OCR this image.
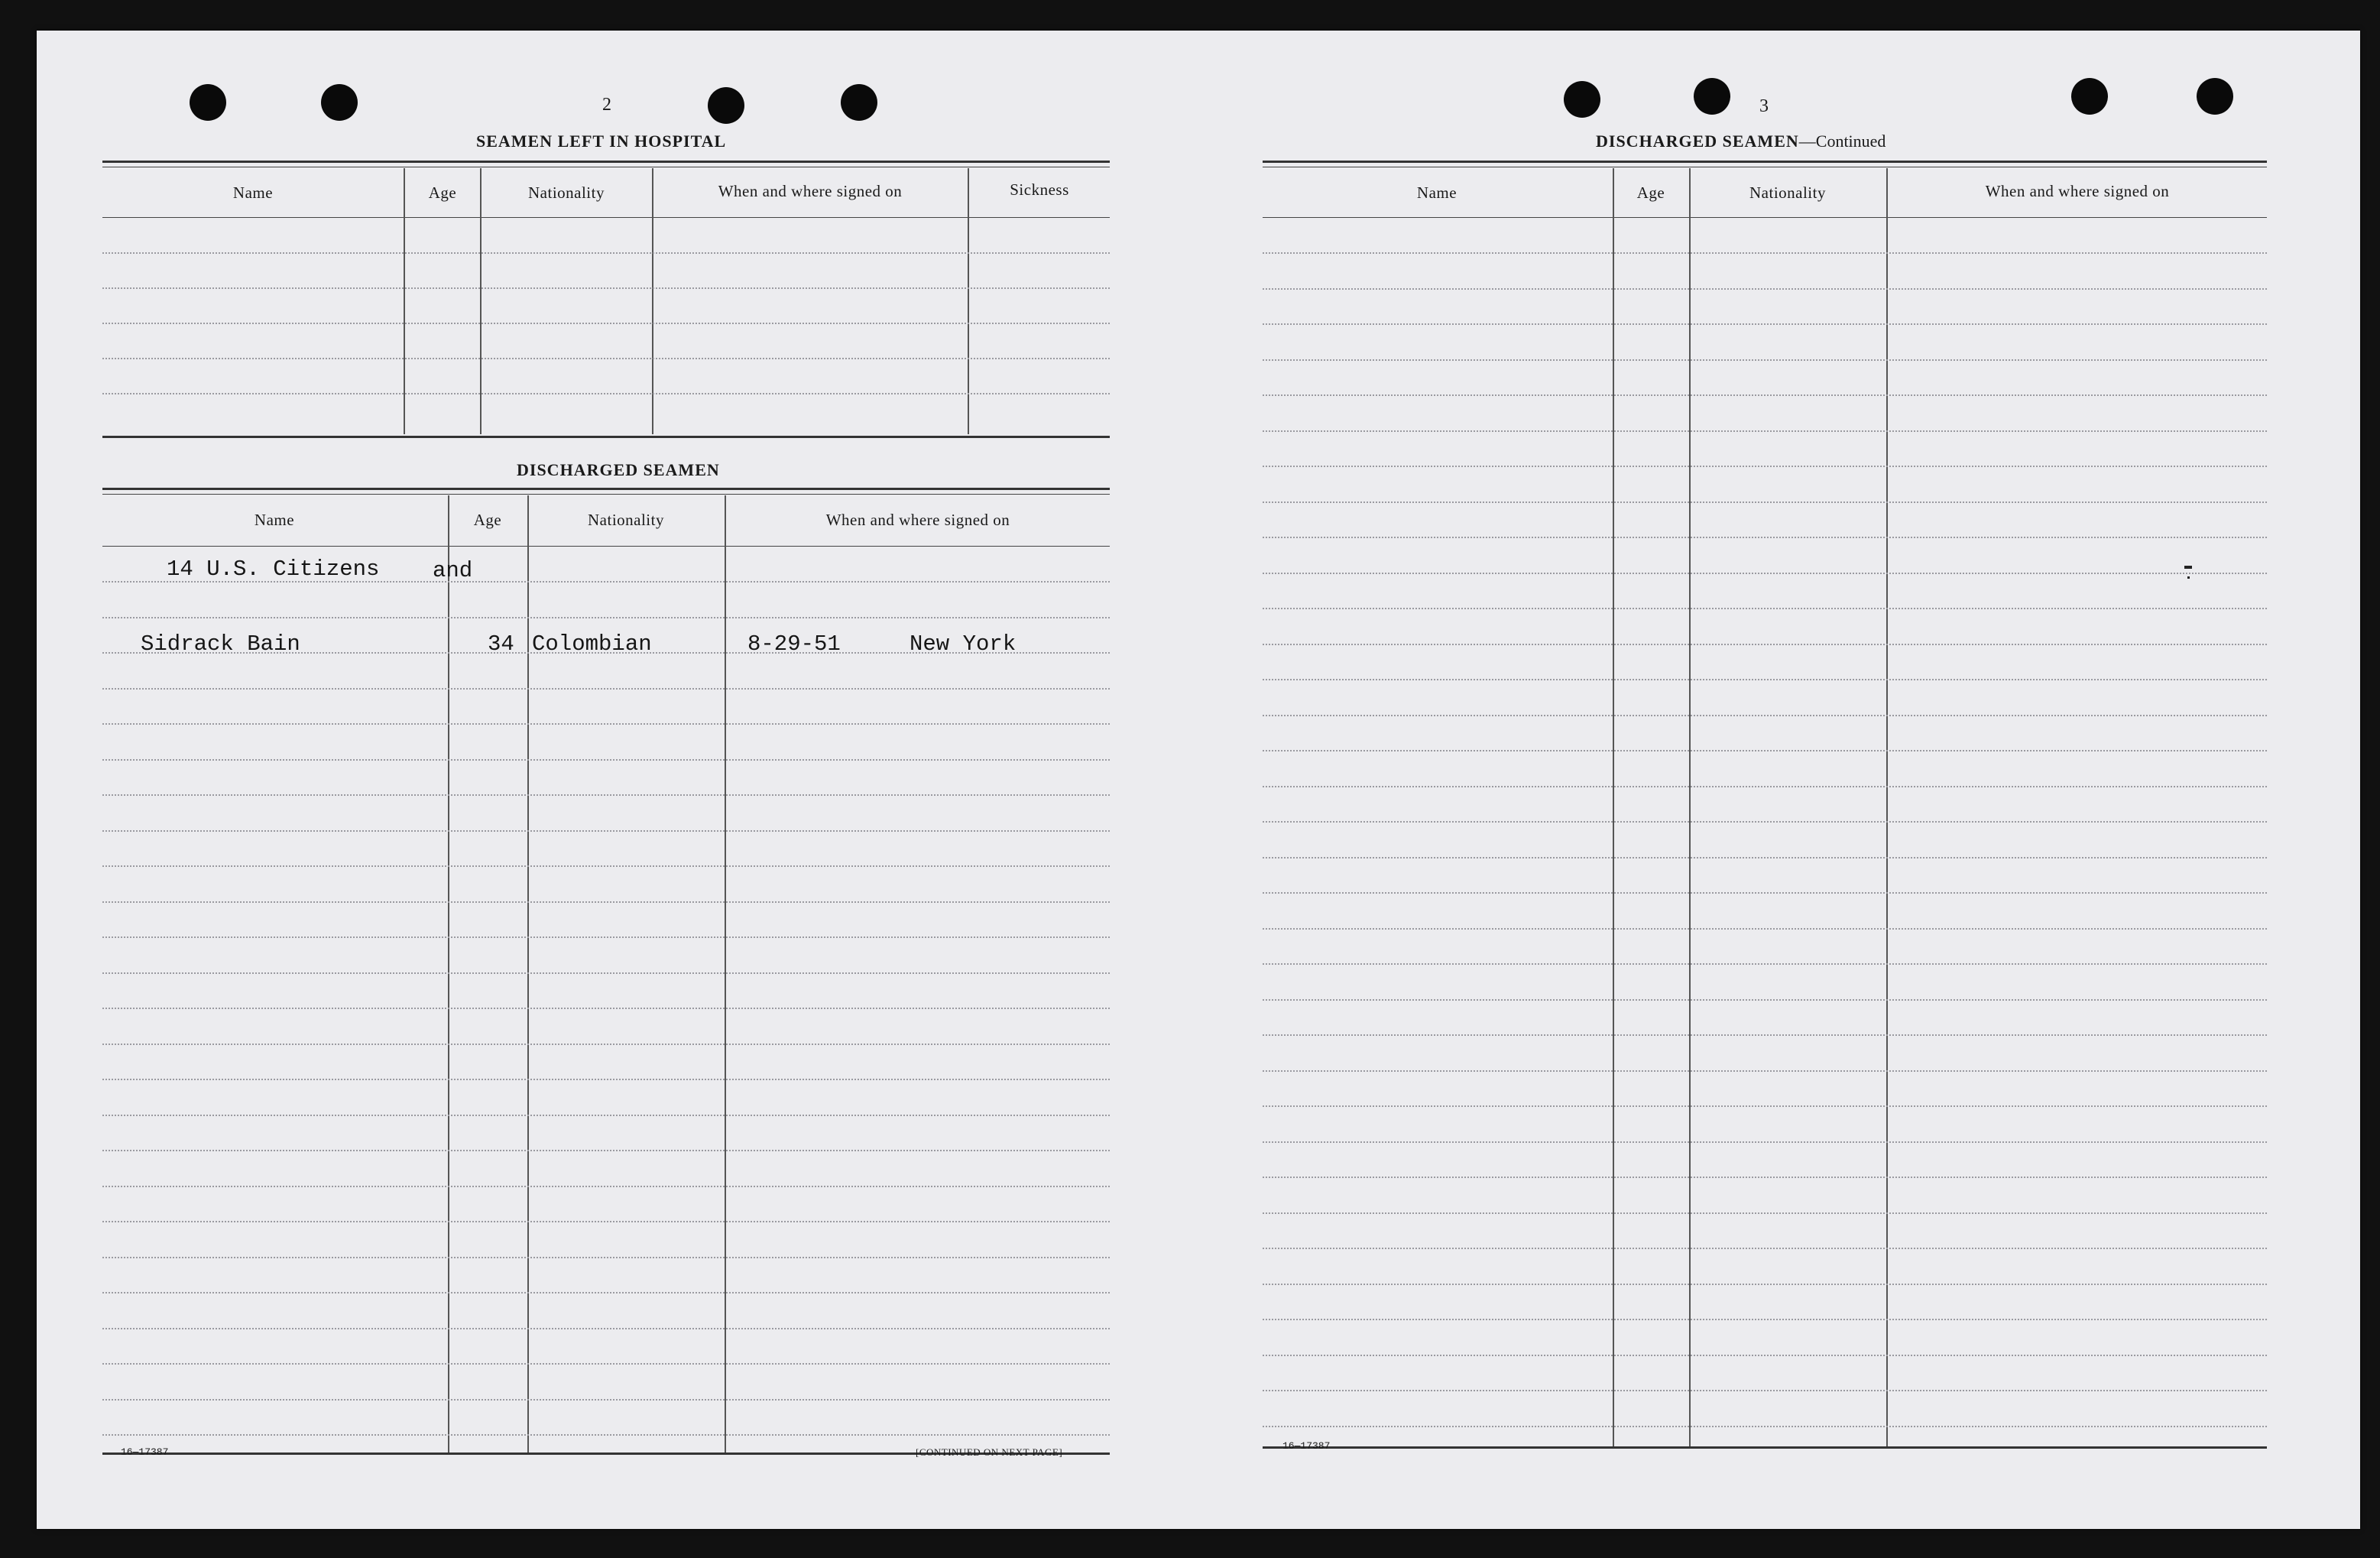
2
SEAMEN LEFT IN HOSPITAL
Name	Age	Nationality	When and where signed on	Sickness
DISCHARGED SEAMEN
Name	Age	Nationality	When and where signed on
14 U.S. Citizens and
Sidrack Bain	34 Colombian	8-29-51	New York
16—17387	[CONTINUED ON NEXT PAGE]
3
DISCHARGED SEAMEN—Continued
Name	Age	Nationality	When and where signed on
16—17387
